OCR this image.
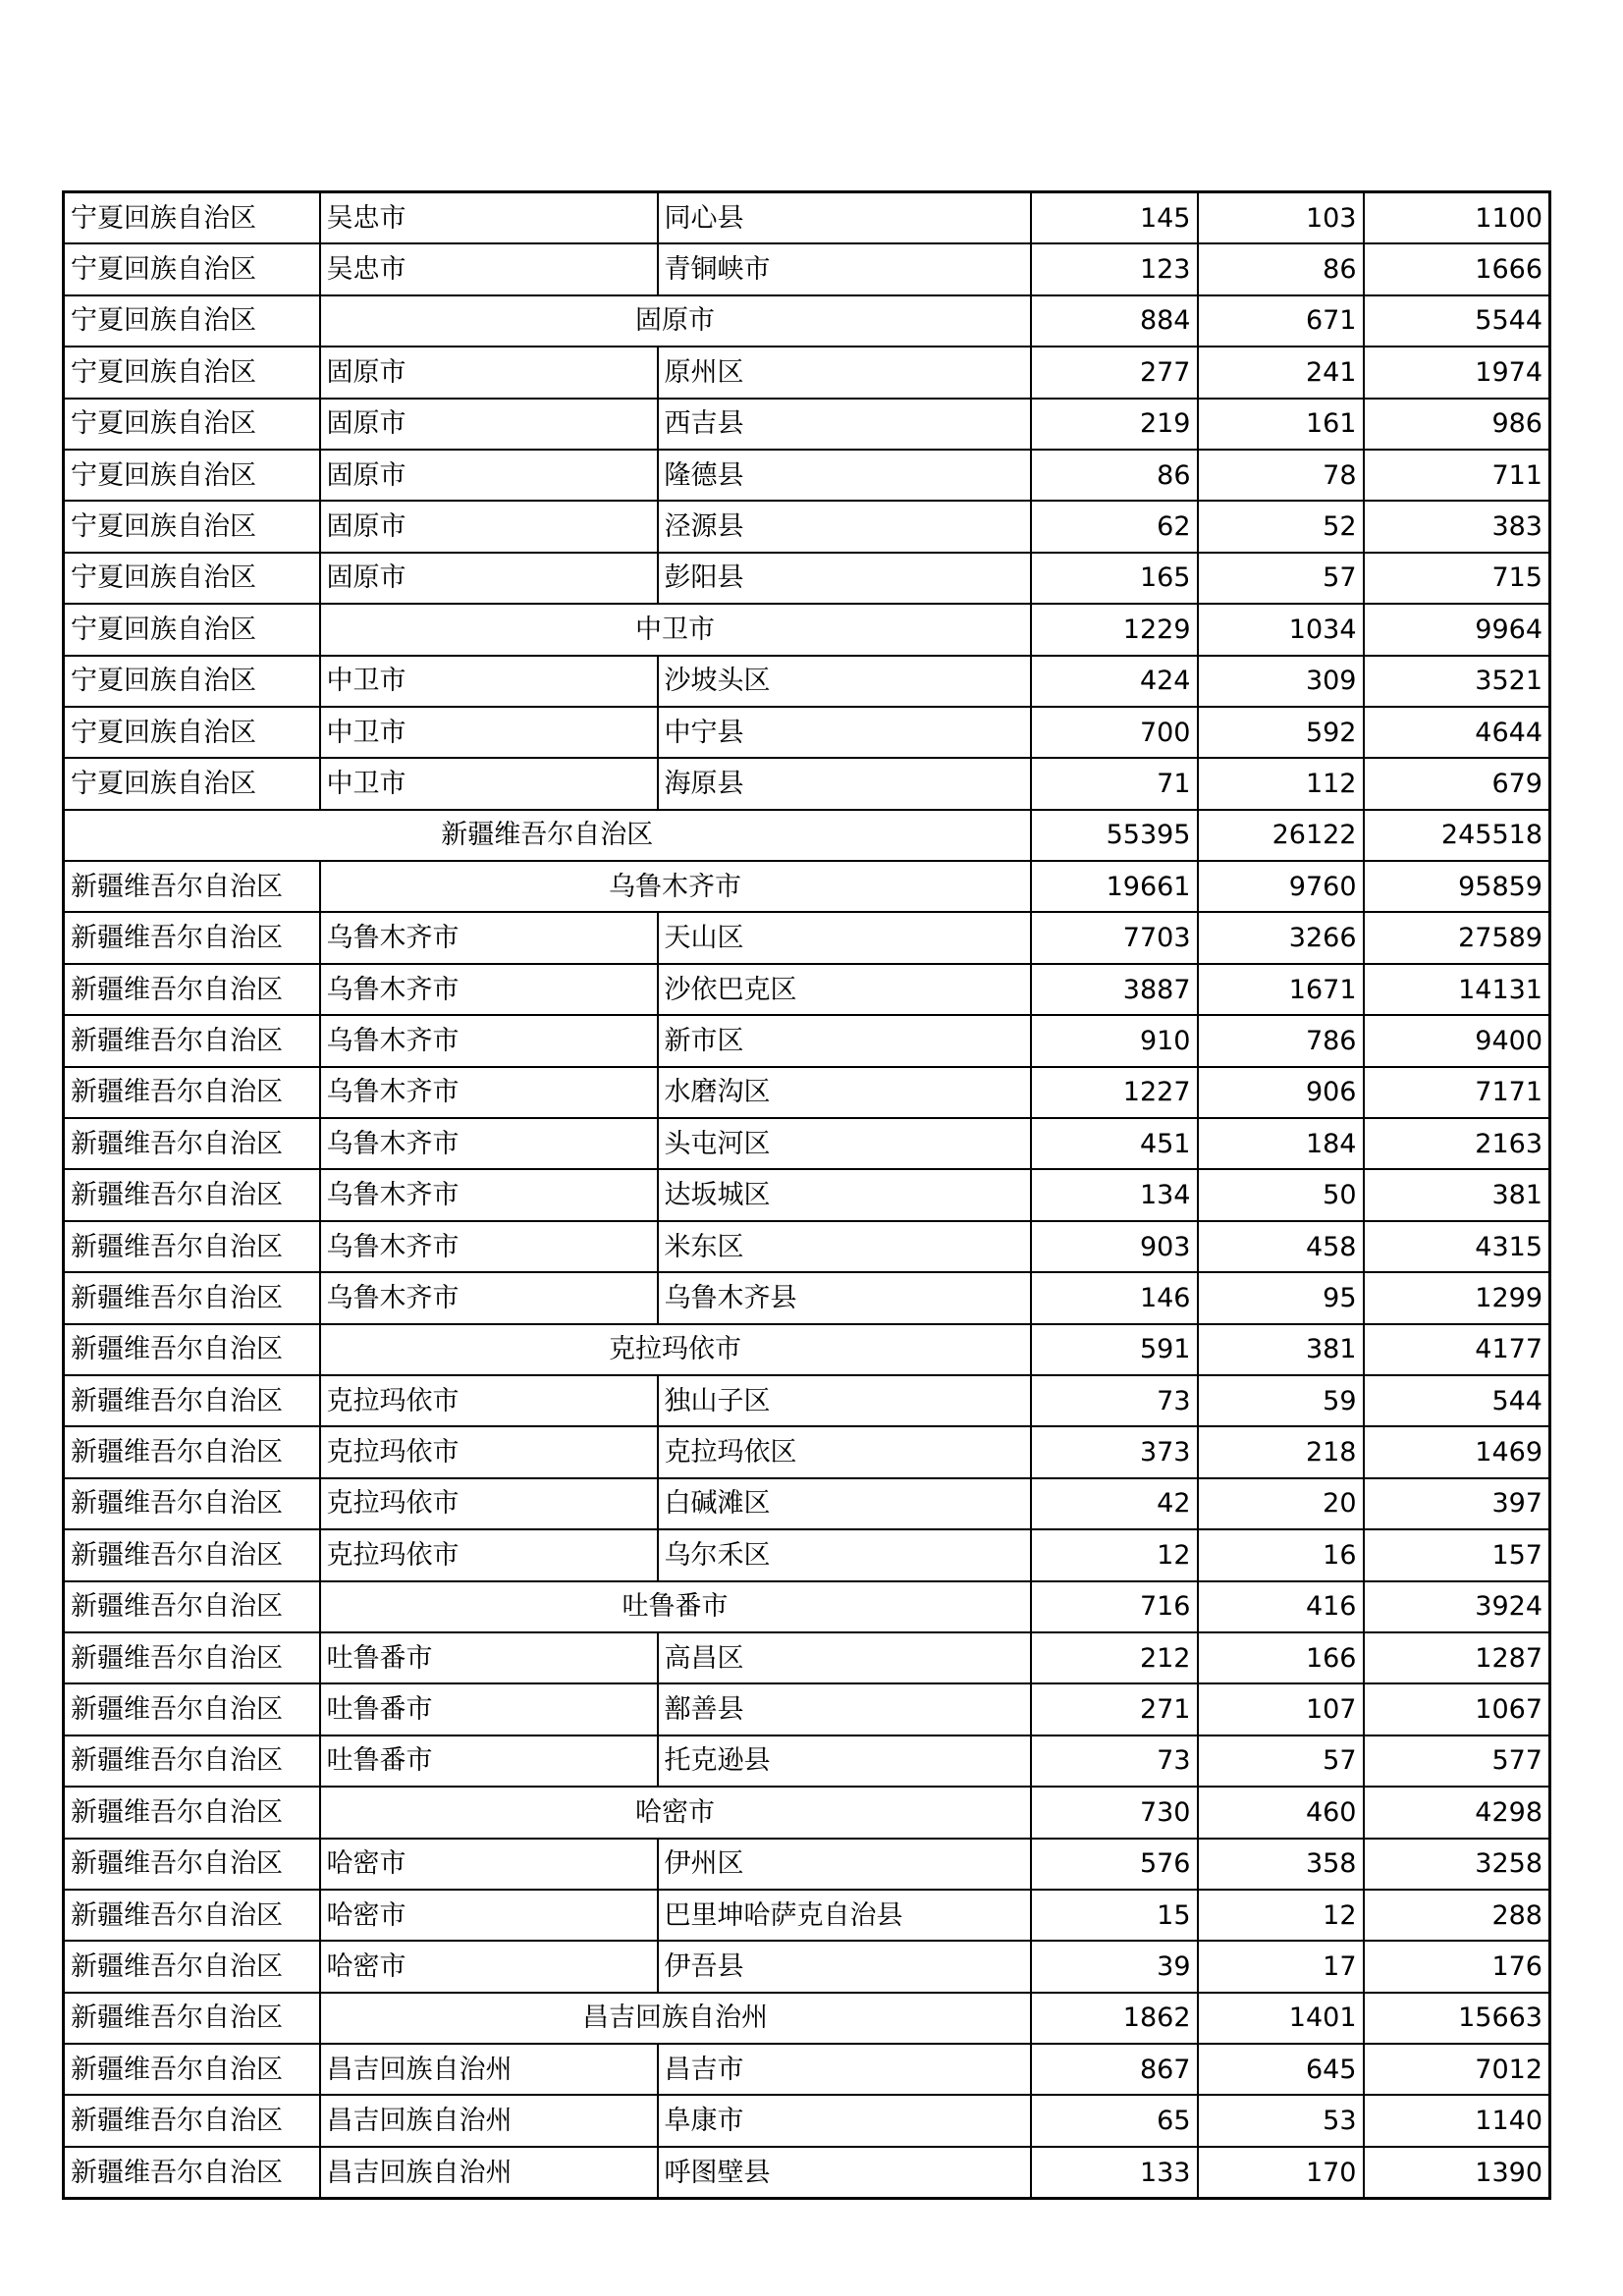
宁夏回族自治区	吴忠市	同心县	145	103	1100
宁夏回族自治区	吴忠市	青铜峡市	123	86	1666
宁夏回族自治区	固原市		884	671	5544
宁夏回族自治区	固原市	原州区	277	241	1974
宁夏回族自治区	固原市	西吉县	219	161	986
宁夏回族自治区	固原市	隆德县	86	78	711
宁夏回族自治区	固原市	泾源县	62	52	383
宁夏回族自治区	固原市	彭阳县	165	57	715
宁夏回族自治区	中卫市		1229	1034	9964
宁夏回族自治区	中卫市	沙坡头区	424	309	3521
宁夏回族自治区	中卫市	中宁县	700	592	4644
宁夏回族自治区	中卫市	海原县	71	112	679
新疆维吾尔自治区			55395	26122	245518
新疆维吾尔自治区	乌鲁木齐市		19661	9760	95859
新疆维吾尔自治区	乌鲁木齐市	天山区	7703	3266	27589
新疆维吾尔自治区	乌鲁木齐市	沙依巴克区	3887	1671	14131
新疆维吾尔自治区	乌鲁木齐市	新市区	910	786	9400
新疆维吾尔自治区	乌鲁木齐市	水磨沟区	1227	906	7171
新疆维吾尔自治区	乌鲁木齐市	头屯河区	451	184	2163
新疆维吾尔自治区	乌鲁木齐市	达坂城区	134	50	381
新疆维吾尔自治区	乌鲁木齐市	米东区	903	458	4315
新疆维吾尔自治区	乌鲁木齐市	乌鲁木齐县	146	95	1299
新疆维吾尔自治区	克拉玛依市		591	381	4177
新疆维吾尔自治区	克拉玛依市	独山子区	73	59	544
新疆维吾尔自治区	克拉玛依市	克拉玛依区	373	218	1469
新疆维吾尔自治区	克拉玛依市	白碱滩区	42	20	397
新疆维吾尔自治区	克拉玛依市	乌尔禾区	12	16	157
新疆维吾尔自治区	吐鲁番市		716	416	3924
新疆维吾尔自治区	吐鲁番市	高昌区	212	166	1287
新疆维吾尔自治区	吐鲁番市	鄯善县	271	107	1067
新疆维吾尔自治区	吐鲁番市	托克逊县	73	57	577
新疆维吾尔自治区	哈密市		730	460	4298
新疆维吾尔自治区	哈密市	伊州区	576	358	3258
新疆维吾尔自治区	哈密市	巴里坤哈萨克自治县	15	12	288
新疆维吾尔自治区	哈密市	伊吾县	39	17	176
新疆维吾尔自治区	昌吉回族自治州		1862	1401	15663
新疆维吾尔自治区	昌吉回族自治州	昌吉市	867	645	7012
新疆维吾尔自治区	昌吉回族自治州	阜康市	65	53	1140
新疆维吾尔自治区	昌吉回族自治州	呼图壁县	133	170	1390
